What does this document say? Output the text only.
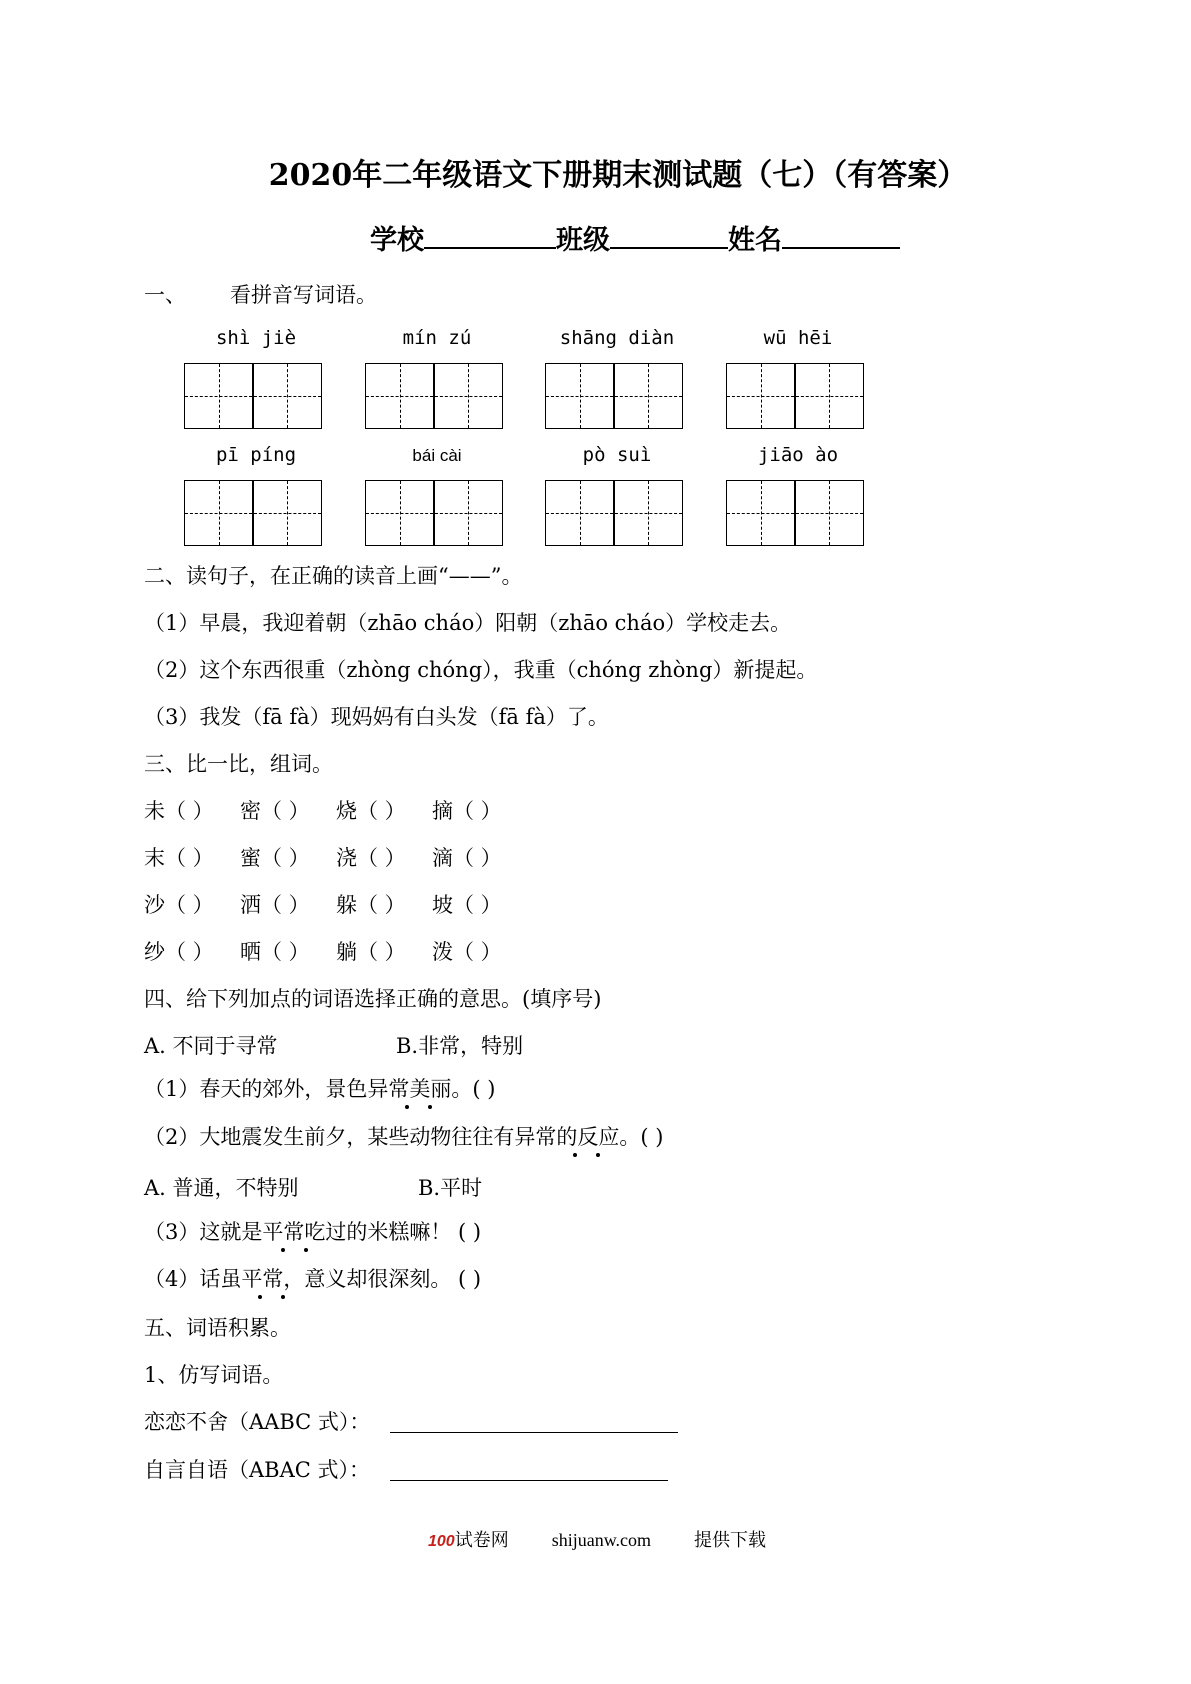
2020年二年级语文下册期末测试题（七）（有答案）
学校	班级	姓名
一、 看拼音写词语。
shì jiè	mín zú	shāng diàn	wū hēi
pī píng	bái cài	pò suì	jiāo ào
二、读句子，在正确的读音上画“——”。
（1）早晨，我迎着朝（zhāo cháo）阳朝（zhāo cháo）学校走去。
（2）这个东西很重（zhòng chóng），我重（chóng zhòng）新提起。
（3）我发（fā fà）现妈妈有白头发（fā fà）了。
三、比一比，组词。
未（ ） 密（ ） 烧（ ） 摘（ ）
末（ ） 蜜（ ） 浇（ ） 滴（ ）
沙（ ） 洒（ ） 躲（ ） 坡（ ）
纱（ ） 晒（ ） 躺（ ） 泼（ ）
四、给下列加点的词语选择正确的意思。(填序号)
A. 不同于寻常	B.非常，特别
（1）春天的郊外，景色异常美丽。( )
（2）大地震发生前夕，某些动物往往有异常的反应。( )
A. 普通，不特别	B.平时
（3）这就是平常吃过的米糕嘛！ ( )
（4）话虽平常，意义却很深刻。 ( )
五、词语积累。
1、仿写词语。
恋恋不舍（AABC 式）：
自言自语（ABAC 式）：
100试卷网 shijuanw.com 提供下载
